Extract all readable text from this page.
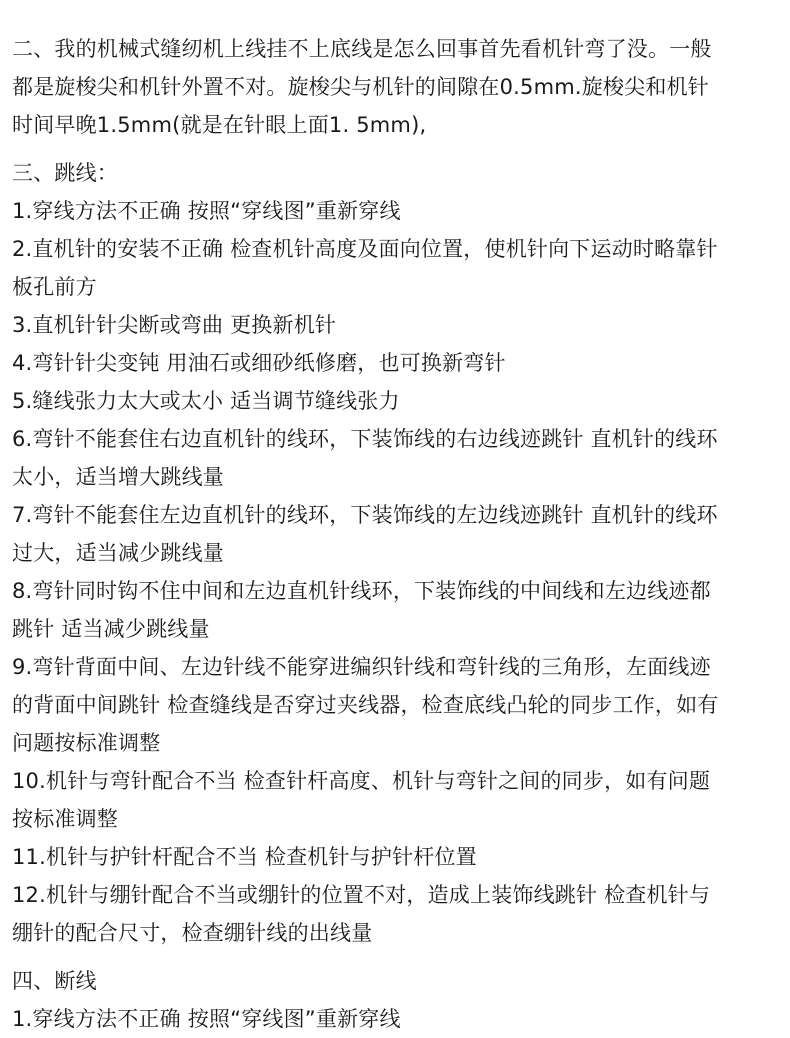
二、我的机械式缝纫机上线挂不上底线是怎么回事首先看机针弯了没。一般
都是旋梭尖和机针外置不对。旋梭尖与机针的间隙在0.5mm.旋梭尖和机针
时间早晚1.5mm(就是在针眼上面1. 5mm),
三、跳线：
1.穿线方法不正确 按照“穿线图”重新穿线
2.直机针的安装不正确 检查机针高度及面向位置，使机针向下运动时略靠针
板孔前方
3.直机针针尖断或弯曲 更换新机针
4.弯针针尖变钝 用油石或细砂纸修磨，也可换新弯针
5.缝线张力太大或太小 适当调节缝线张力
6.弯针不能套住右边直机针的线环，下装饰线的右边线迹跳针 直机针的线环
太小，适当增大跳线量
7.弯针不能套住左边直机针的线环，下装饰线的左边线迹跳针 直机针的线环
过大，适当减少跳线量
8.弯针同时钩不住中间和左边直机针线环，下装饰线的中间线和左边线迹都
跳针 适当减少跳线量
9.弯针背面中间、左边针线不能穿进编织针线和弯针线的三角形，左面线迹
的背面中间跳针 检查缝线是否穿过夹线器，检查底线凸轮的同步工作，如有
问题按标准调整
10.机针与弯针配合不当 检查针杆高度、机针与弯针之间的同步，如有问题
按标准调整
11.机针与护针杆配合不当 检查机针与护针杆位置
12.机针与绷针配合不当或绷针的位置不对，造成上装饰线跳针 检查机针与
绷针的配合尺寸，检查绷针线的出线量
四、断线
1.穿线方法不正确 按照“穿线图”重新穿线
